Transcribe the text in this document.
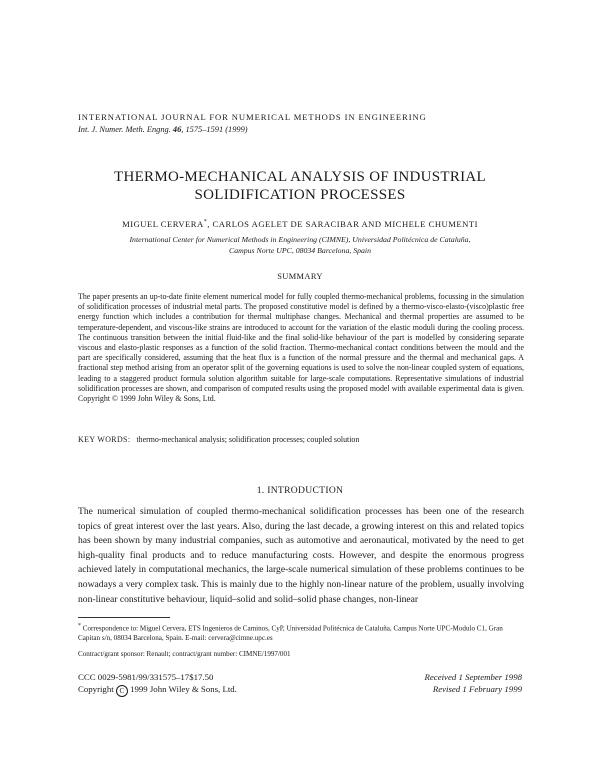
INTERNATIONAL JOURNAL FOR NUMERICAL METHODS IN ENGINEERING
Int. J. Numer. Meth. Engng. 46, 1575–1591 (1999)
THERMO-MECHANICAL ANALYSIS OF INDUSTRIAL
SOLIDIFICATION PROCESSES
MIGUEL CERVERA*, CARLOS AGELET DE SARACIBAR AND MICHELE CHUMENTI
International Center for Numerical Methods in Engineering (CIMNE), Universidad Politécnica de Cataluña,
Campus Norte UPC, 08034 Barcelona, Spain
SUMMARY
The paper presents an up-to-date finite element numerical model for fully coupled thermo-mechanical problems, focussing in the simulation of solidification processes of industrial metal parts. The proposed constitutive model is defined by a thermo-visco-elasto-(visco)plastic free energy function which includes a contribution for thermal multiphase changes. Mechanical and thermal properties are assumed to be temperature-dependent, and viscous-like strains are introduced to account for the variation of the elastic moduli during the cooling process. The continuous transition between the initial fluid-like and the final solid-like behaviour of the part is modelled by considering separate viscous and elasto-plastic responses as a function of the solid fraction. Thermo-mechanical contact conditions between the mould and the part are specifically considered, assuming that the heat flux is a function of the normal pressure and the thermal and mechanical gaps. A fractional step method arising from an operator split of the governing equations is used to solve the non-linear coupled system of equations, leading to a staggered product formula solution algorithm suitable for large-scale computations. Representative simulations of industrial solidification processes are shown, and comparison of computed results using the proposed model with available experimental data is given. Copyright © 1999 John Wiley & Sons, Ltd.
KEY WORDS: thermo-mechanical analysis; solidification processes; coupled solution
1. INTRODUCTION
The numerical simulation of coupled thermo-mechanical solidification processes has been one of the research topics of great interest over the last years. Also, during the last decade, a growing interest on this and related topics has been shown by many industrial companies, such as automotive and aeronautical, motivated by the need to get high-quality final products and to reduce manufacturing costs. However, and despite the enormous progress achieved lately in computational mechanics, the large-scale numerical simulation of these problems continues to be nowadays a very complex task. This is mainly due to the highly non-linear nature of the problem, usually involving non-linear constitutive behaviour, liquid–solid and solid–solid phase changes, non-linear
* Correspondence to: Miguel Cervera, ETS Ingenieros de Caminos, CyP, Universidad Politécnica de Cataluña, Campus Norte UPC-Modulo C1, Gran Capitan s/n, 08034 Barcelona, Spain. E-mail: cervera@cimne.upc.es
Contract/grant sponsor: Renault; contract/grant number: CIMNE/1997/001
CCC 0029-5981/99/331575–17$17.50
Copyright C 1999 John Wiley & Sons, Ltd.
Received 1 September 1998
Revised 1 February 1999
